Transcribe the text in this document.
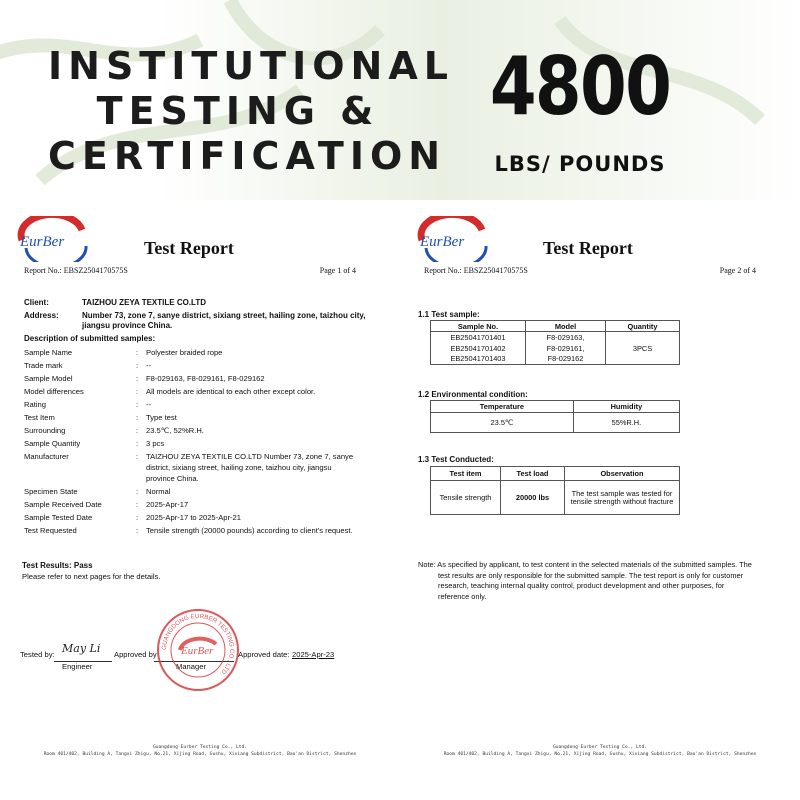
INSTITUTIONAL
TESTING &
CERTIFICATION
4800
LBS/ POUNDS
EurBer	Test Report
Report No.: EBSZ2504170575S	Page 1 of 4
Client:	TAIZHOU ZEYA TEXTILE CO.LTD
Address:	Number 73, zone 7, sanye district, sixiang street, hailing zone, taizhou city, jiangsu province China.
Description of submitted samples:
Sample Name	: Polyester braided rope
Trade mark	: --
Sample Model	: F8-029163, F8-029161, F8-029162
Model differences	: All models are identical to each other except color.
Rating	: --
Test Item	: Type test
Surrounding	: 23.5℃, 52%R.H.
Sample Quantity	: 3 pcs
Manufacturer	: TAIZHOU ZEYA TEXTILE CO.LTD Number 73, zone 7, sanye district, sixiang street, hailing zone, taizhou city, jiangsu province China.
Specimen State	: Normal
Sample Received Date	: 2025-Apr-17
Sample Tested Date	: 2025-Apr-17 to 2025-Apr-21
Test Requested	: Tensile strength (20000 pounds) according to client's request.
Test Results: Pass
Please refer to next pages for the details.
Tested by: May Li Approved by	Approved date: 2025-Apr-23
Engineer	Manager
GUANGDONG EURBER TESTING CO., LTD.
EurBer
Guangdong Eurber Testing Co., Ltd.
Room 401/402, Building A, Tangxi Zhigu, No.21, Xijing Road, Gushu, Xixiang Subdistrict, Bao'an District, Shenzhen
EurBer	Test Report
Report No.: EBSZ2504170575S	Page 2 of 4
1.1 Test sample:
Sample No.	Model	Quantity
EB25041701401	F8-029163,	3PCS
EB25041701402	F8-029161,	
EB25041701403	F8-029162	
1.2 Environmental condition:
Temperature	Humidity
23.5℃	55%R.H.
1.3 Test Conducted:
Test item	Test load	Observation
Tensile strength	20000 lbs	The test sample was tested for
tensile strength without fracture
Note: As specified by applicant, to test content in the selected materials of the submitted samples. The
test results are only responsible for the submitted sample. The test report is only for customer
research, teaching internal quality control, product development and other purposes, for
reference only.
Guangdong Eurber Testing Co., Ltd.
Room 401/402, Building A, Tangxi Zhigu, No.21, Xijing Road, Gushu, Xixiang Subdistrict, Bao'an District, Shenzhen
